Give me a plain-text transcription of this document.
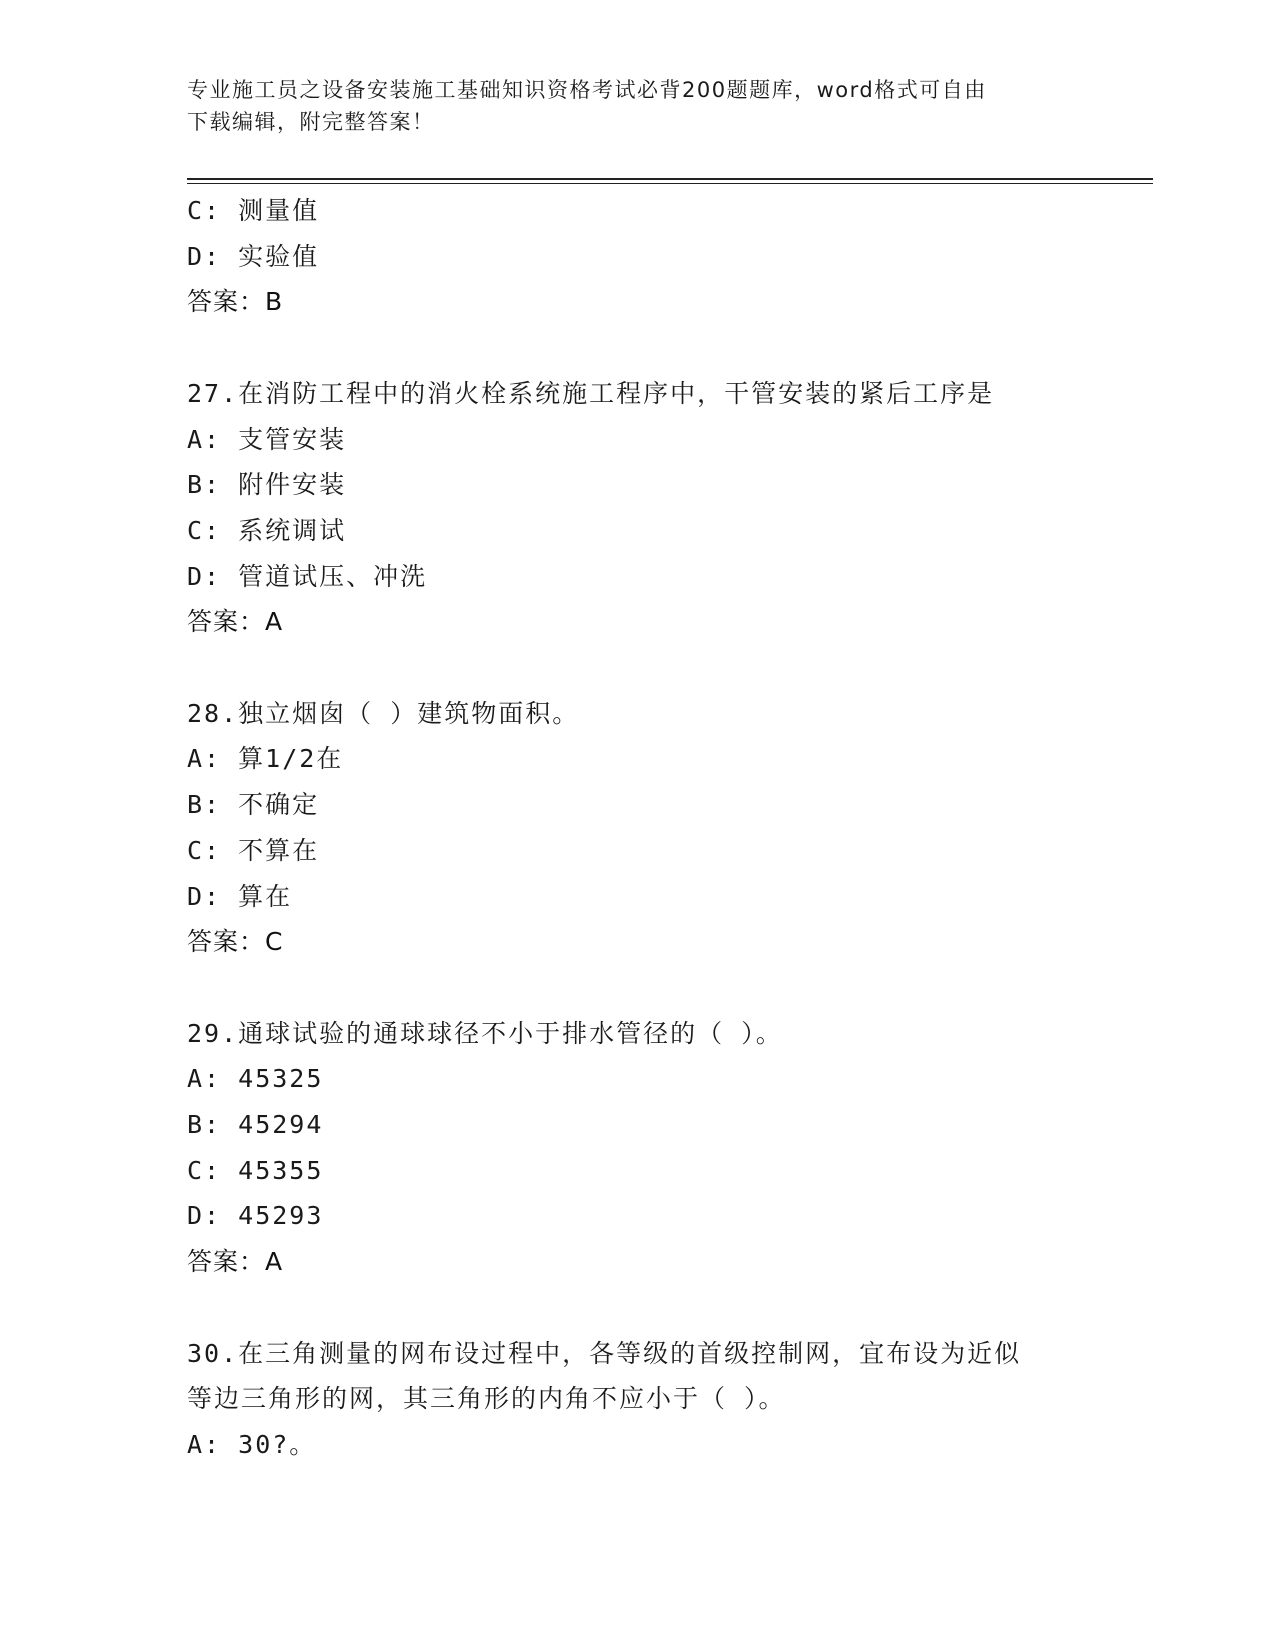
专业施工员之设备安装施工基础知识资格考试必背200题题库，word格式可自由
下载编辑，附完整答案！
C: 测量值
D: 实验值
答案：B
27.在消防工程中的消火栓系统施工程序中，干管安装的紧后工序是
A: 支管安装
B: 附件安装
C: 系统调试
D: 管道试压、冲洗
答案：A
28.独立烟囱（ ）建筑物面积。
A: 算1/2在
B: 不确定
C: 不算在
D: 算在
答案：C
29.通球试验的通球球径不小于排水管径的（ ）。
A: 45325
B: 45294
C: 45355
D: 45293
答案：A
30.在三角测量的网布设过程中，各等级的首级控制网，宜布设为近似
等边三角形的网，其三角形的内角不应小于（ ）。
A: 30?。
